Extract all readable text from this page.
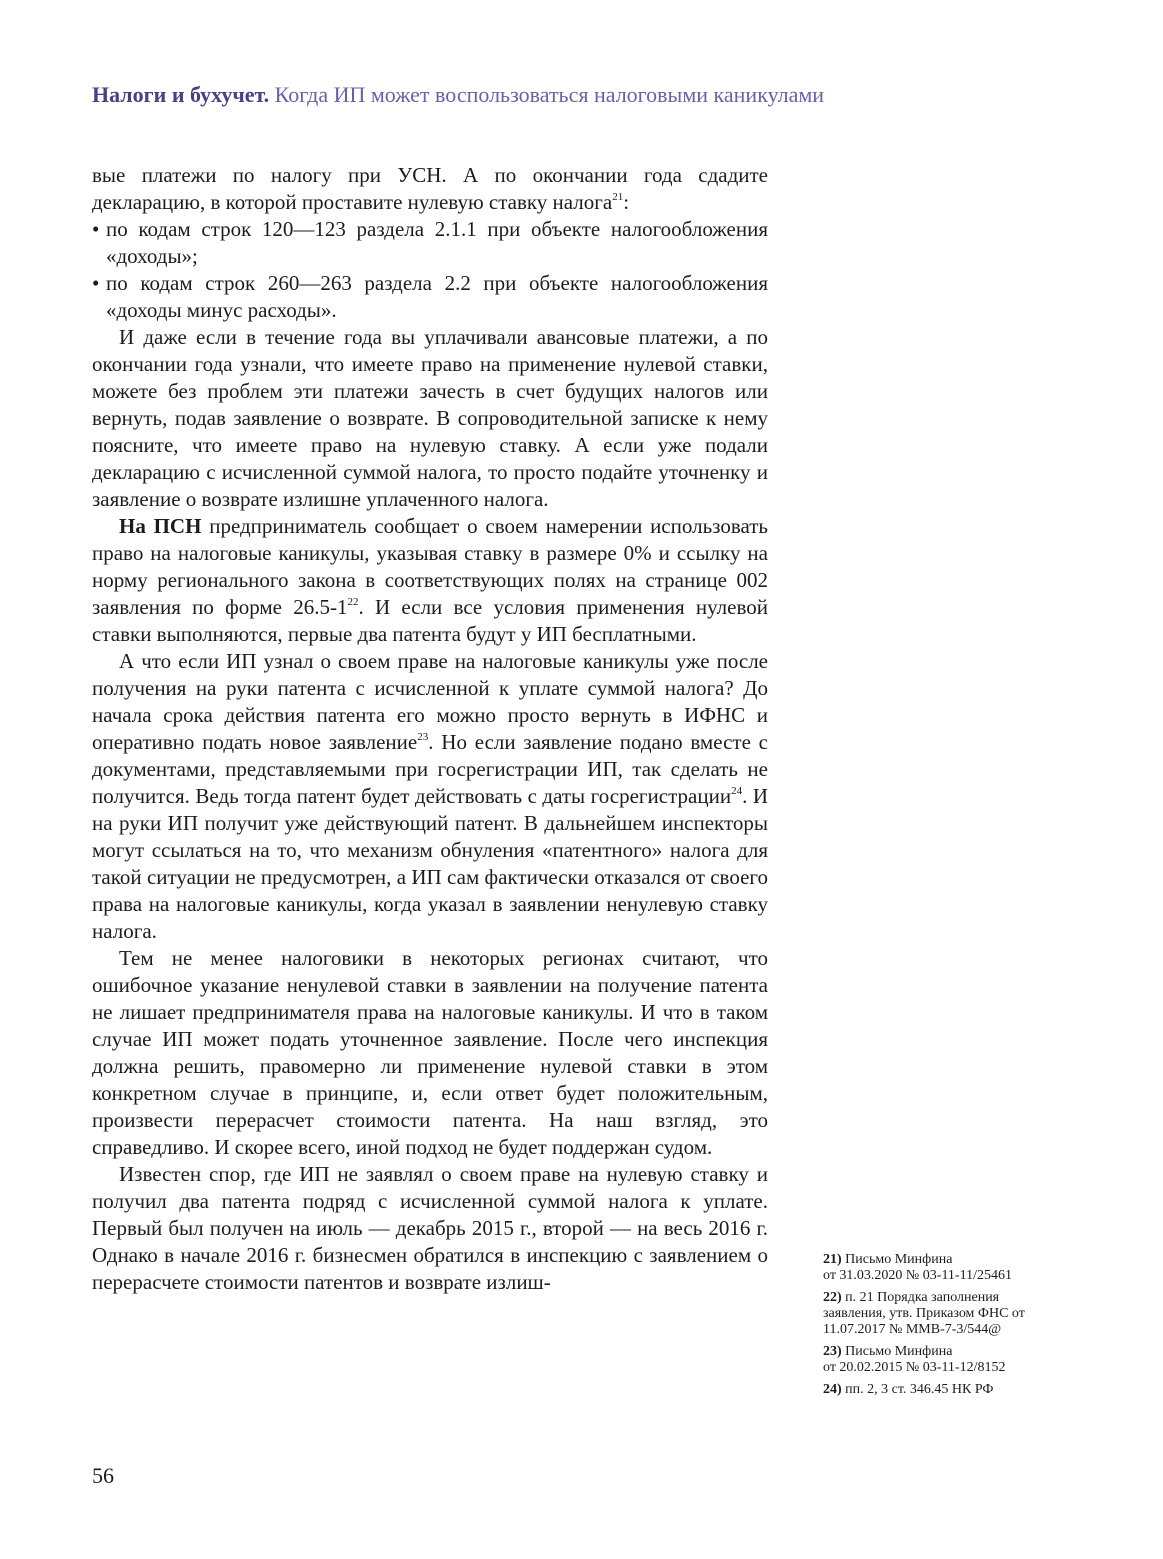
Налоги и бухучет. Когда ИП может воспользоваться налоговыми каникулами

вые платежи по налогу при УСН. А по окончании года сдадите декларацию, в которой проставите нулевую ставку налога$^{21}$:

• по кодам строк 120—123 раздела 2.1.1 при объекте налогообложения «доходы»;
• по кодам строк 260—263 раздела 2.2 при объекте налогообложения «доходы минус расходы».

И даже если в течение года вы уплачивали авансовые платежи, а по окончании года узнали, что имеете право на применение нулевой ставки, можете без проблем эти платежи зачесть в счет будущих налогов или вернуть, подав заявление о возврате. В сопроводительной записке к нему поясните, что имеете право на нулевую ставку. А если уже подали декларацию с исчисленной суммой налога, то просто подайте уточненку и заявление о возврате излишне уплаченного налога.

На ПСН предприниматель сообщает о своем намерении использовать право на налоговые каникулы, указывая ставку в размере 0% и ссылку на норму регионального закона в соответствующих полях на странице 002 заявления по форме $26.5-1^{22}$. И если все условия применения нулевой ставки выполняются, первые два патента будут у ИП бесплатными.

А что если ИП узнал о своем праве на налоговые каникулы уже после получения на руки патента с исчисленной к уплате суммой налога? До начала срока действия патента его можно просто вернуть в ИФНС и оперативно подать новое заявление$^{23}$. Но если заявление подано вместе с документами, представляемыми при госрегистрации ИП, так сделать не получится. Ведь тогда патент будет действовать с даты госрегистрации$^{24}$. И на руки ИП получит уже действующий патент. В дальнейшем инспекторы могут ссылаться на то, что механизм обнуления «патентного» налога для такой ситуации не предусмотрен, а ИП сам фактически отказался от своего права на налоговые каникулы, когда указал в заявлении ненулевую ставку налога.

Тем не менее налоговики в некоторых регионах считают, что ошибочное указание ненулевой ставки в заявлении на получение патента не лишает предпринимателя права на налоговые каникулы. И что в таком случае ИП может подать уточненное заявление. После чего инспекция должна решить, правомерно ли применение нулевой ставки в этом конкретном случае в принципе, и, если ответ будет положительным, произвести перерасчет стоимости патента. На наш взгляд, это справедливо. И скорее всего, иной подход не будет поддержан судом.

Известен спор, где ИП не заявлял о своем праве на нулевую ставку и получил два патента подряд с исчисленной суммой налога к уплате. Первый был получен на июль — декабрь 2015 г., второй — на весь 2016 г. Однако в начале 2016 г. бизнесмен обратился в инспекцию с заявлением о перерасчете стоимости патентов и возврате излиш-

21) Письмо Минфина
от 31.03.2020 № 03-11-11/25461
22) п. 21 Порядка заполнения
заявления, утв. Приказом ФНС от 11.07.2017 № ММВ-7-3/544@
23) Письмо Минфина
от 20.02.2015 № 03-11-12/8152
24) пп. 2, 3 ст. 346.45 НК РФ
56
